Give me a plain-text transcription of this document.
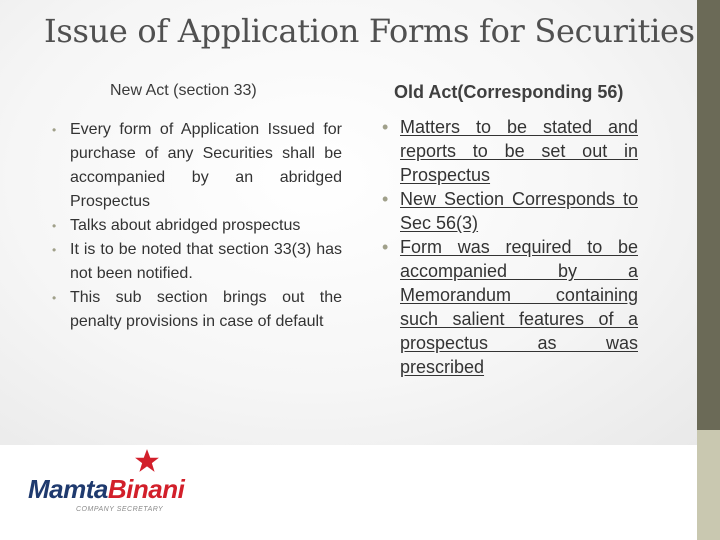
Issue of Application Forms for Securities
New Act (section 33)	Old Act(Corresponding 56)
• Every form of Application Issued for purchase of any Securities shall be accompanied by an abridged Prospectus
• Talks about abridged prospectus
• It is to be noted that section 33(3) has not been notified.
• This sub section brings out the penalty provisions in case of default
• Matters to be stated and reports to be set out in Prospectus
• New Section Corresponds to Sec 56(3)
• Form was required to be accompanied by a Memorandum containing such salient features of a prospectus as was prescribed
MamtaBinani
COMPANY SECRETARY
